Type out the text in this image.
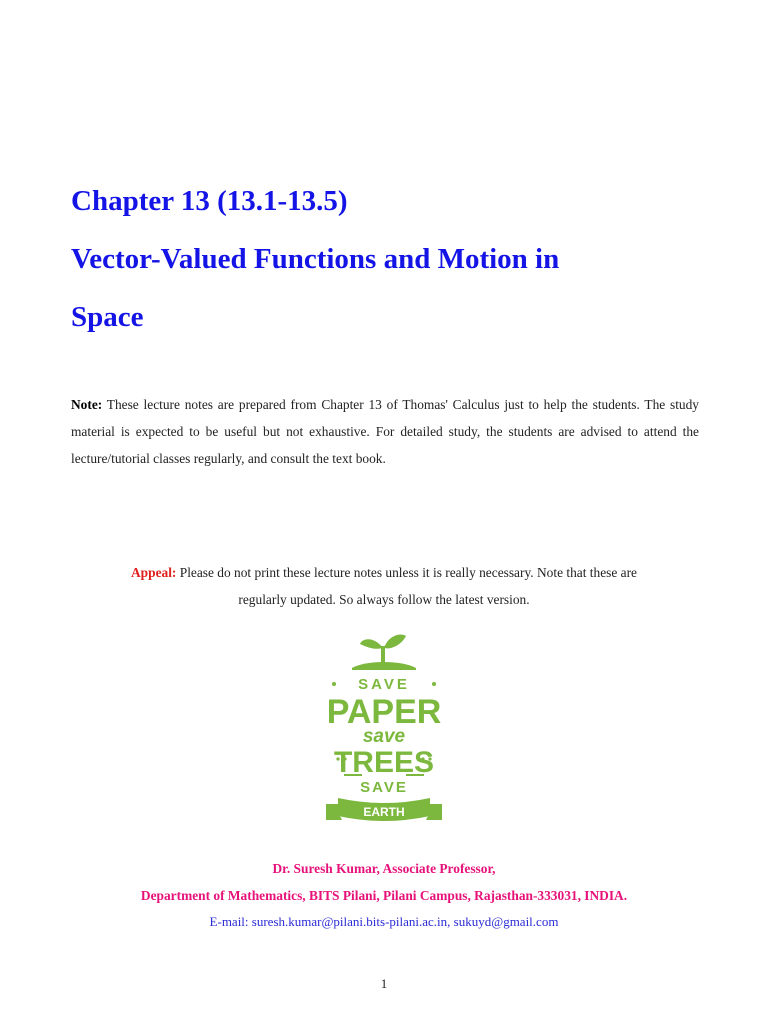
Chapter 13 (13.1-13.5)
Vector-Valued Functions and Motion in
Space

Note: These lecture notes are prepared from Chapter 13 of Thomas' Calculus just to help the students. The study material is expected to be useful but not exhaustive. For detailed study, the students are advised to attend the lecture/tutorial classes regularly, and consult the text book.

Appeal: Please do not print these lecture notes unless it is really necessary. Note that these are
regularly updated. So always follow the latest version.
SAVE
PAPER
save
TREES
SAVE
EARTH

Dr. Suresh Kumar, Associate Professor,

Department of Mathematics, BITS Pilani, Pilani Campus, Rajasthan-333031, INDIA.

E-mail: suresh.kumar@pilani.bits-pilani.ac.in, sukuyd@gmail.com

1
